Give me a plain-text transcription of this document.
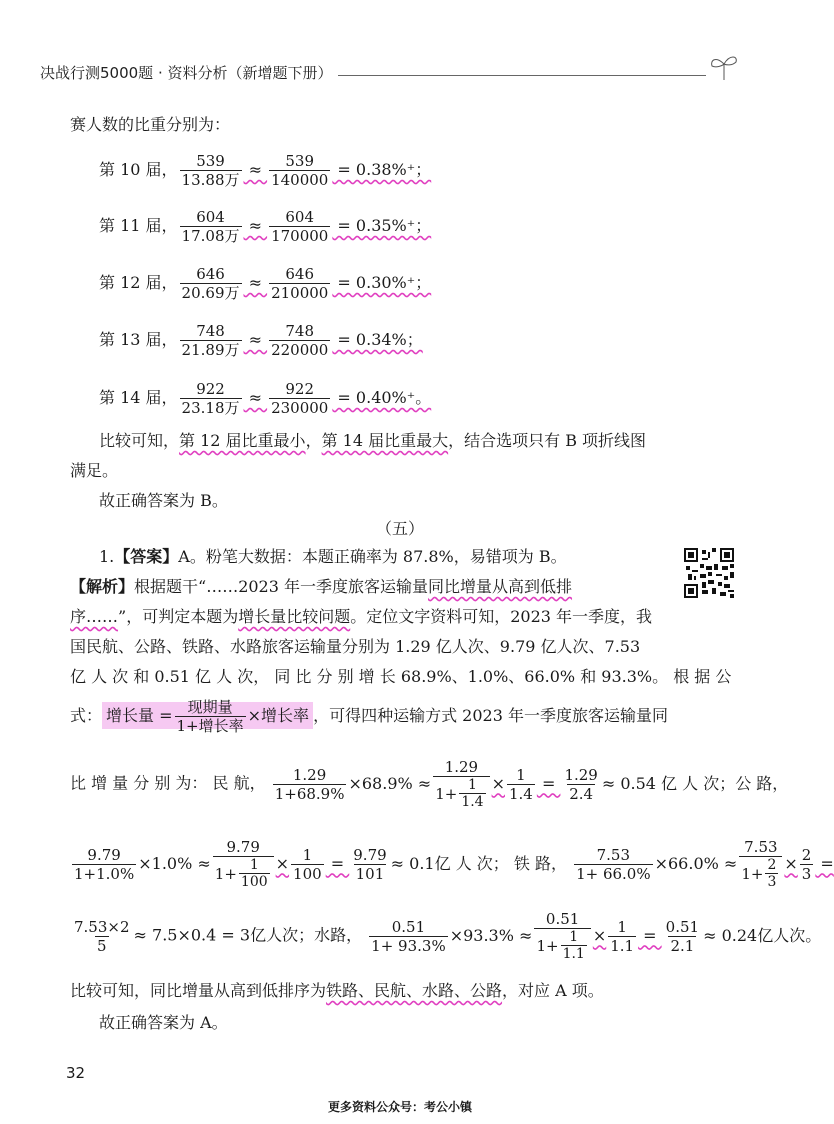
决战行测5000题 · 资料分析（新增题下册）
赛人数的比重分别为：
第 10 届， $\frac{539}{\text{13.88万}} \approx \frac{539}{140000} = 0.38\%^+$；
第 11 届， $\frac{604}{\text{17.08万}} \approx \frac{604}{170000} = 0.35\%^+$；
第 12 届， $\frac{646}{\text{20.69万}} \approx \frac{646}{210000} = 0.30\%^+$；
第 13 届， $\frac{748}{\text{21.89万}} \approx \frac{748}{220000} = 0.34\%$；
第 14 届， $\frac{922}{\text{23.18万}} \approx \frac{922}{230000} = 0.40\%^+$。
比较可知，第 12 届比重最小，第 14 届比重最大，结合选项只有 B 项折线图
满足。
故正确答案为 B。
（五）
1.【答案】A。粉笔大数据：本题正确率为 87.8%，易错项为 B。
【解析】根据题干“……2023 年一季度旅客运输量同比增量从高到低排
序……”，可判定本题为增长量比较问题。定位文字资料可知，2023 年一季度，我
国民航、公路、铁路、水路旅客运输量分别为 1.29 亿人次、9.79 亿人次、7.53
亿 人 次 和 0.51 亿 人 次， 同 比 分 别 增 长 68.9%、1.0%、66.0% 和 93.3%。 根 据 公
式： 增长量 = $\frac{\text{现期量}}{\text{1+增长率}}$ ×增长率 ，可得四种运输方式 2023 年一季度旅客运输量同
比 增 量 分 别 为： 民 航， $\frac{1.29}{1+68.9\%} \times 68.9\% \approx \frac{1.29}{1+ \frac{1}{1.4}} \times \frac{1}{1.4} = \frac{1.29}{2.4} \approx 0.54$ 亿 人 次；公 路，
$\frac{9.79}{1+1.0\%} \times 1.0\% \approx \frac{9.79}{1+ \frac{1}{100}} \times \frac{1}{100} = \frac{9.79}{101} \approx 0.1$亿 人 次； 铁 路， $\frac{7.53}{1+ 66.0\%} \times 66.0\% \approx \frac{7.53}{1+ \frac{2}{3}} \times \frac{2}{3}$ =
$\frac{7.53\times 2}{5} \approx 7.5\times 0.4 = 3$亿人次；水路， $\frac{0.51}{1+ 93.3\%} \times 93.3\% \approx \frac{0.51}{1+ \frac{1}{1.1}} \times \frac{1}{1.1} = \frac{0.51}{2.1} \approx 0.24$亿人次。
比较可知，同比增量从高到低排序为铁路、民航、水路、公路，对应 A 项。
故正确答案为 A。
32
更多资料公众号：考公小镇
